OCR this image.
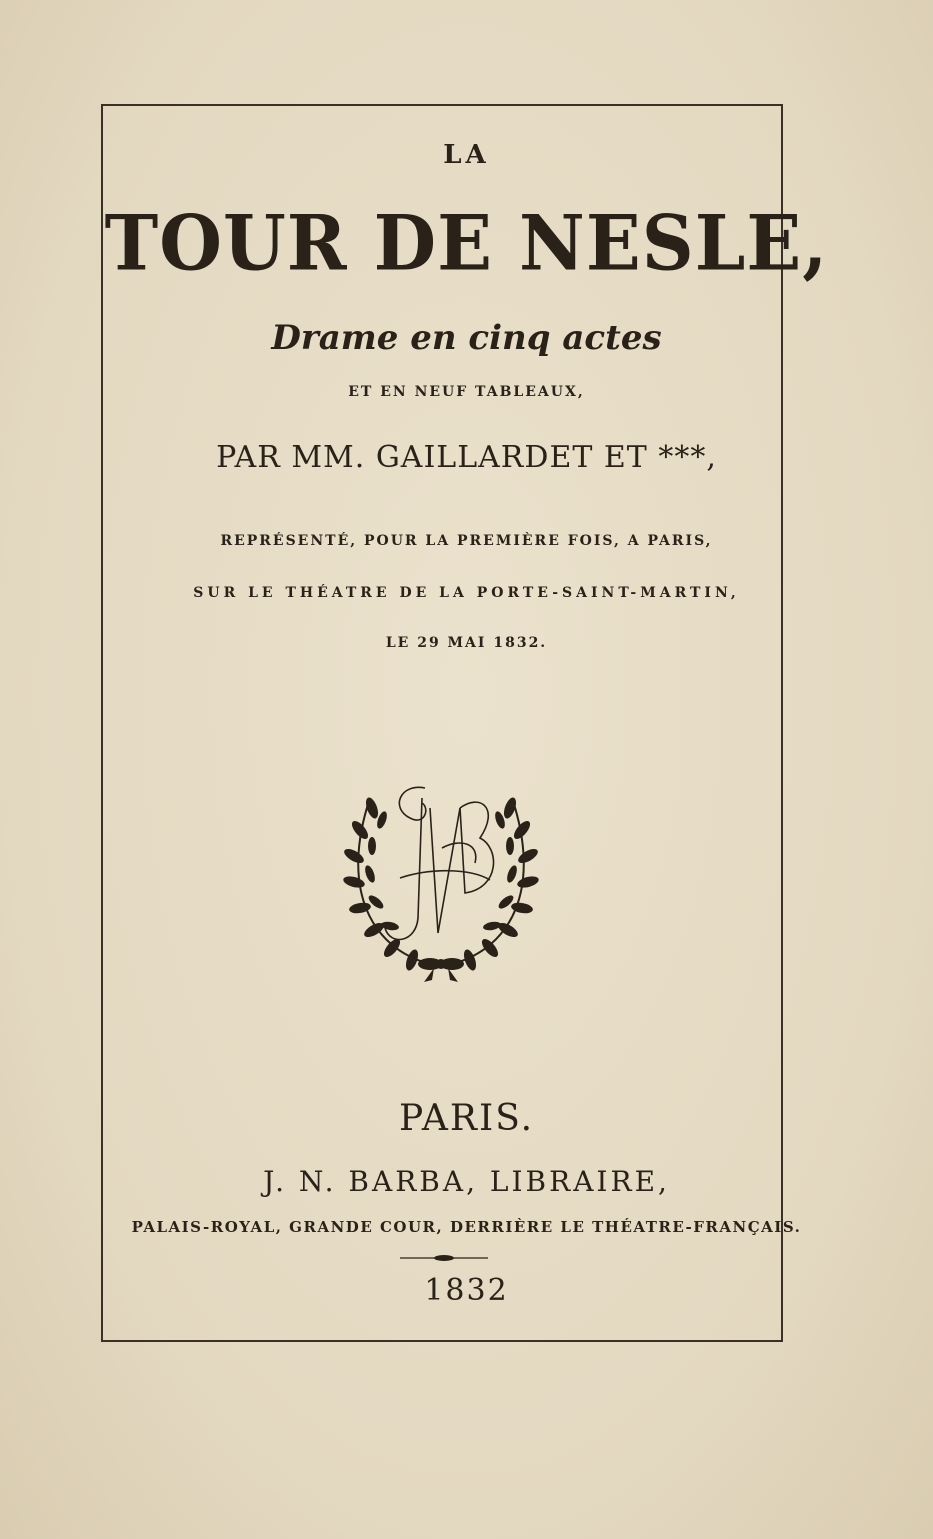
LA
TOUR DE NESLE,
Drame en cinq actes
ET EN NEUF TABLEAUX,
PAR MM. GAILLARDET ET ***,
REPRÉSENTÉ, POUR LA PREMIÈRE FOIS, A PARIS,
SUR LE THÉATRE DE LA PORTE-SAINT-MARTIN,
LE 29 MAI 1832.
PARIS.
J. N. BARBA, LIBRAIRE,
PALAIS-ROYAL, GRANDE COUR, DERRIÈRE LE THÉATRE-FRANÇAIS.
1832
